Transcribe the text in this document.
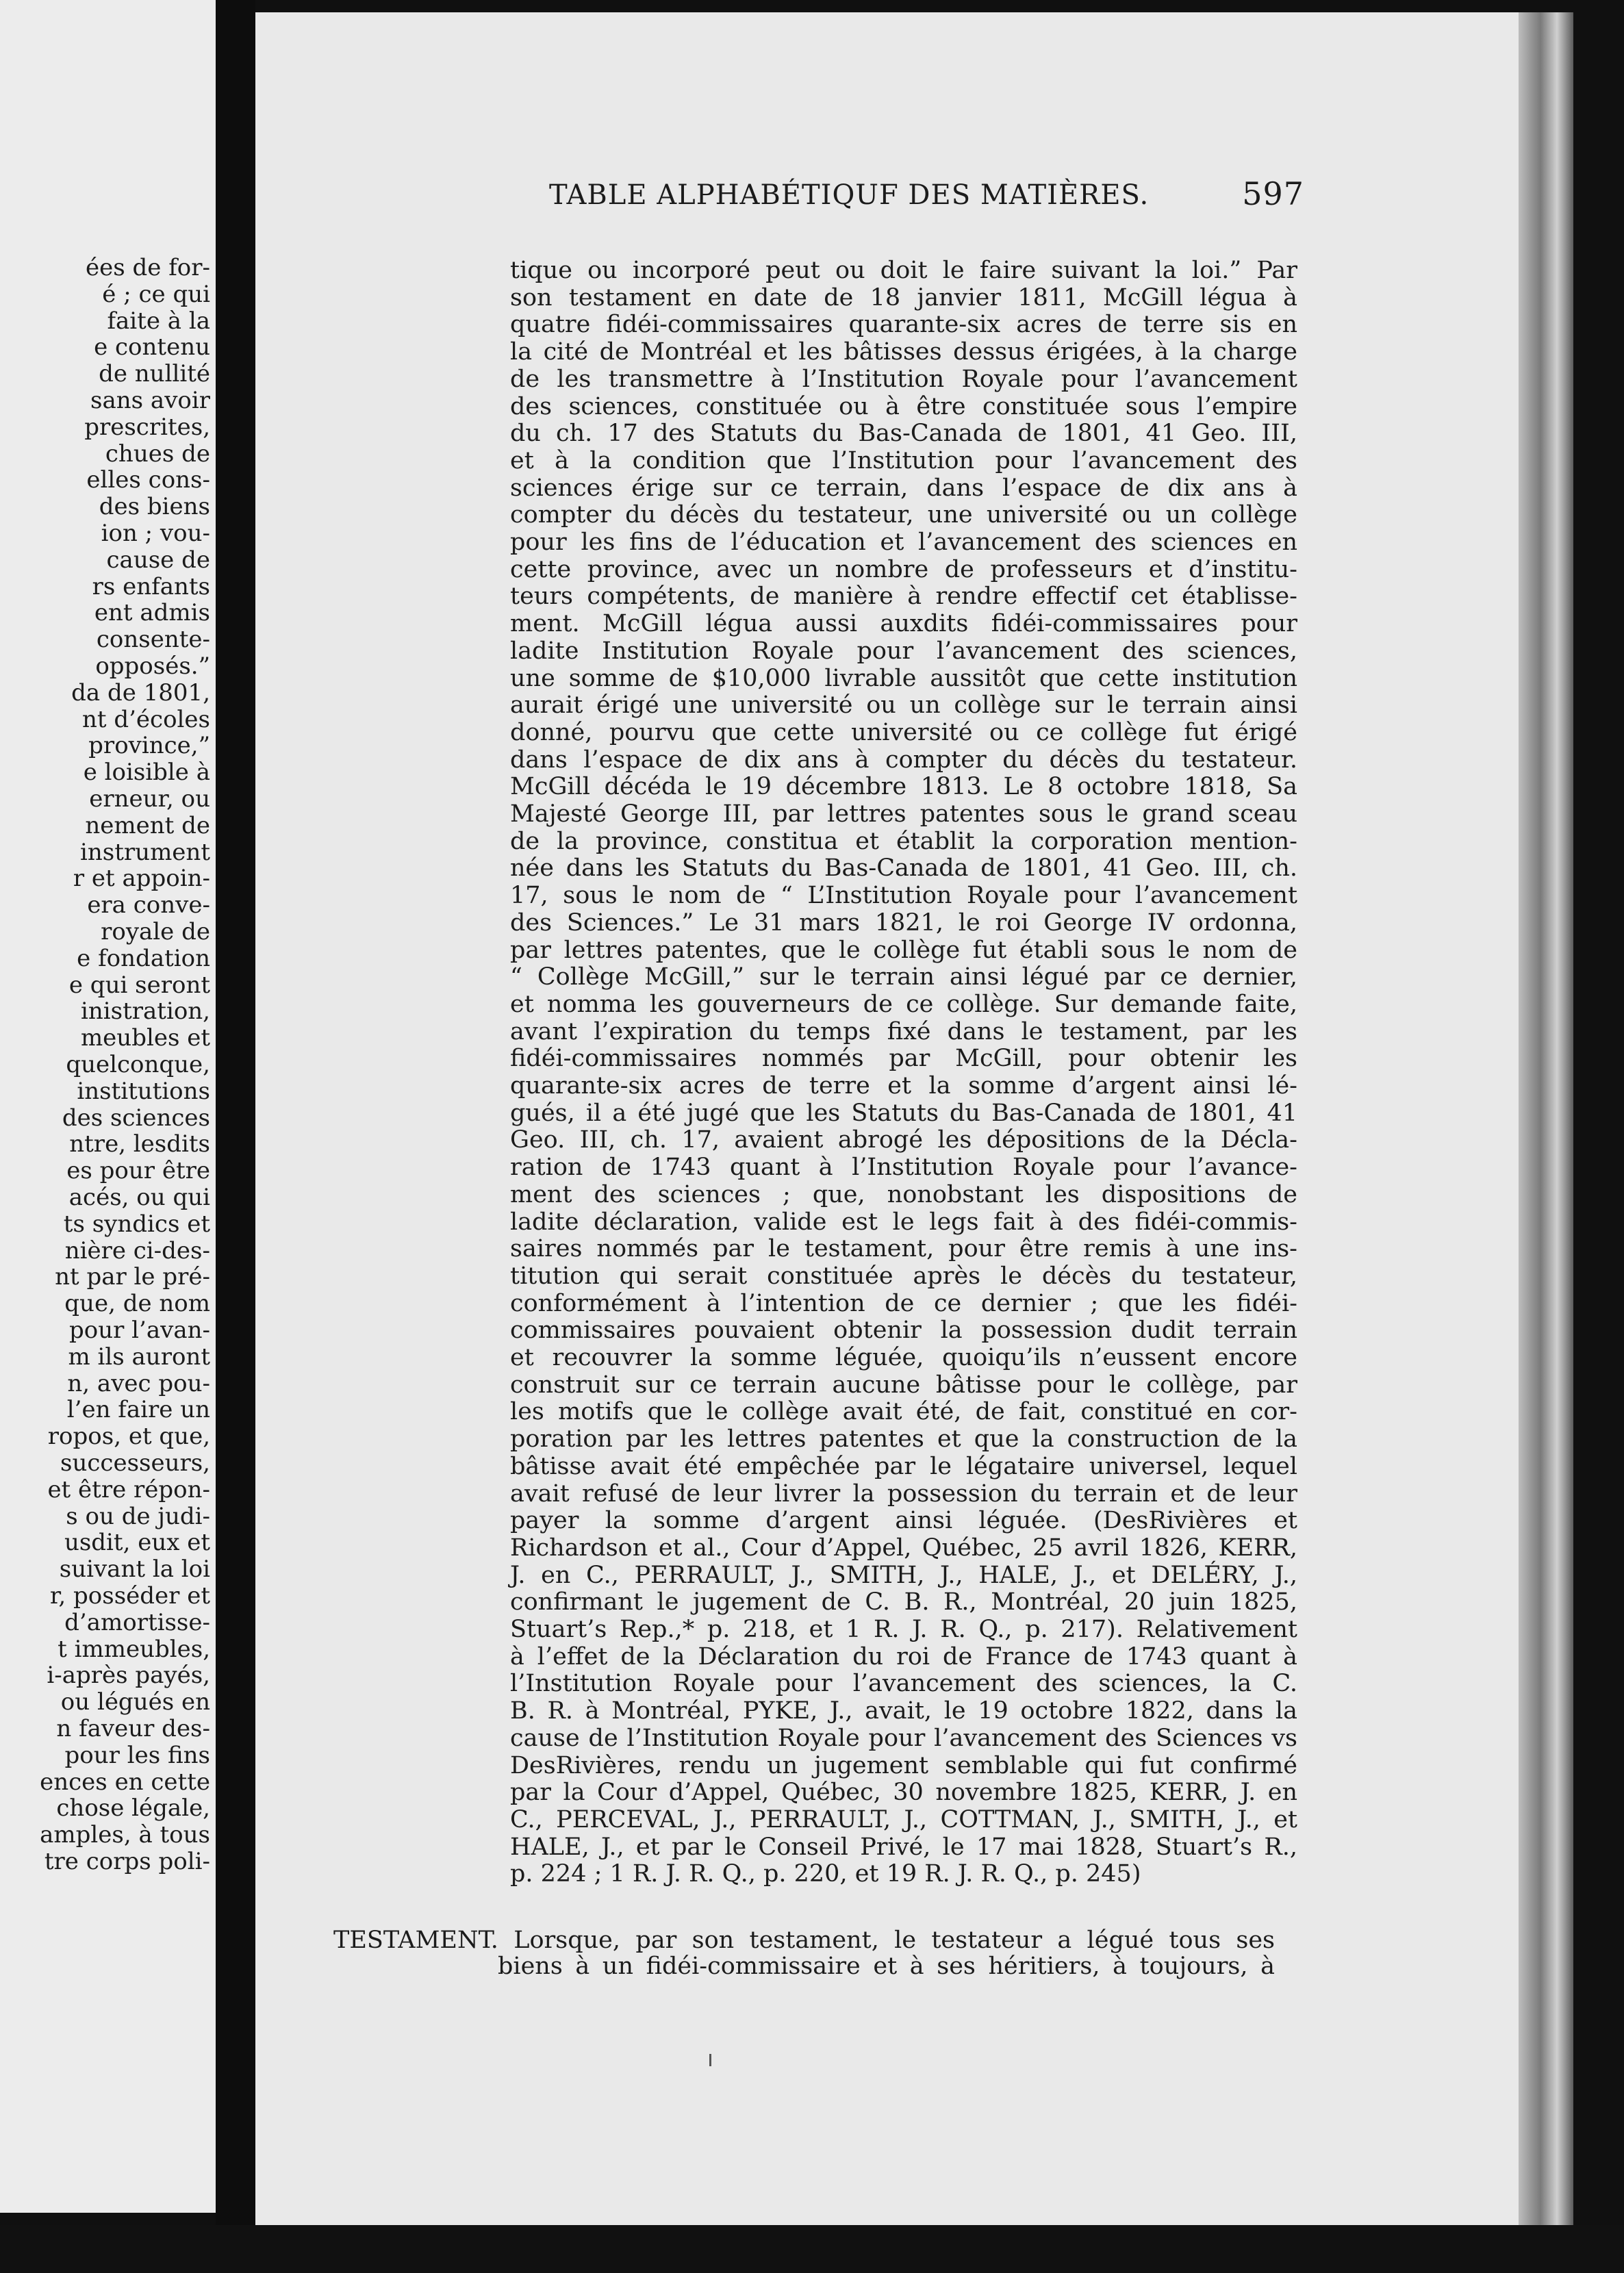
ées de for-
é ; ce qui
faite à la
e contenu
de nullité
sans avoir
prescrites,
chues de
elles cons-
des biens
ion ; vou-
cause de
rs enfants
ent admis
consente-
opposés.”
da de 1801,
nt d’écoles
province,”
e loisible à
erneur, ou
nement de
instrument
r et appoin-
era conve-
royale de
e fondation
e qui seront
inistration,
meubles et
quelconque,
institutions
des sciences
ntre, lesdits
es pour être
acés, ou qui
ts syndics et
nière ci-des-
nt par le pré-
que, de nom
pour l’avan-
m ils auront
n, avec pou-
l’en faire un
ropos, et que,
successeurs,
et être répon-
s ou de judi-
usdit, eux et
suivant la loi
r, posséder et
d’amortisse-
t immeubles,
i-après payés,
ou légués en
n faveur des-
pour les fins
ences en cette
chose légale,
amples, à tous
tre corps poli-
TABLE ALPHABÉTIQUF DES MATIÈRES.	597
tique ou incorporé peut ou doit le faire suivant la loi.” Par
son testament en date de 18 janvier 1811, McGill légua à
quatre fidéi-commissaires quarante-six acres de terre sis en
la cité de Montréal et les bâtisses dessus érigées, à la charge
de les transmettre à l’Institution Royale pour l’avancement
des sciences, constituée ou à être constituée sous l’empire
du ch. 17 des Statuts du Bas-Canada de 1801, 41 Geo. III,
et à la condition que l’Institution pour l’avancement des
sciences érige sur ce terrain, dans l’espace de dix ans à
compter du décès du testateur, une université ou un collège
pour les fins de l’éducation et l’avancement des sciences en
cette province, avec un nombre de professeurs et d’institu-
teurs compétents, de manière à rendre effectif cet établisse-
ment. McGill légua aussi auxdits fidéi-commissaires pour
ladite Institution Royale pour l’avancement des sciences,
une somme de $10,000 livrable aussitôt que cette institution
aurait érigé une université ou un collège sur le terrain ainsi
donné, pourvu que cette université ou ce collège fut érigé
dans l’espace de dix ans à compter du décès du testateur.
McGill décéda le 19 décembre 1813. Le 8 octobre 1818, Sa
Majesté George III, par lettres patentes sous le grand sceau
de la province, constitua et établit la corporation mention-
née dans les Statuts du Bas-Canada de 1801, 41 Geo. III, ch.
17, sous le nom de “ L’Institution Royale pour l’avancement
des Sciences.” Le 31 mars 1821, le roi George IV ordonna,
par lettres patentes, que le collège fut établi sous le nom de
“ Collège McGill,” sur le terrain ainsi légué par ce dernier,
et nomma les gouverneurs de ce collège. Sur demande faite,
avant l’expiration du temps fixé dans le testament, par les
fidéi-commissaires nommés par McGill, pour obtenir les
quarante-six acres de terre et la somme d’argent ainsi lé-
gués, il a été jugé que les Statuts du Bas-Canada de 1801, 41
Geo. III, ch. 17, avaient abrogé les dépositions de la Décla-
ration de 1743 quant à l’Institution Royale pour l’avance-
ment des sciences ; que, nonobstant les dispositions de
ladite déclaration, valide est le legs fait à des fidéi-commis-
saires nommés par le testament, pour être remis à une ins-
titution qui serait constituée après le décès du testateur,
conformément à l’intention de ce dernier ; que les fidéi-
commissaires pouvaient obtenir la possession dudit terrain
et recouvrer la somme léguée, quoiqu’ils n’eussent encore
construit sur ce terrain aucune bâtisse pour le collège, par
les motifs que le collège avait été, de fait, constitué en cor-
poration par les lettres patentes et que la construction de la
bâtisse avait été empêchée par le légataire universel, lequel
avait refusé de leur livrer la possession du terrain et de leur
payer la somme d’argent ainsi léguée. (DesRivières et
Richardson et al., Cour d’Appel, Québec, 25 avril 1826, KERR,
J. en C., PERRAULT, J., SMITH, J., HALE, J., et DELÉRY, J.,
confirmant le jugement de C. B. R., Montréal, 20 juin 1825,
Stuart’s Rep.,* p. 218, et 1 R. J. R. Q., p. 217). Relativement
à l’effet de la Déclaration du roi de France de 1743 quant à
l’Institution Royale pour l’avancement des sciences, la C.
B. R. à Montréal, PYKE, J., avait, le 19 octobre 1822, dans la
cause de l’Institution Royale pour l’avancement des Sciences vs
DesRivières, rendu un jugement semblable qui fut confirmé
par la Cour d’Appel, Québec, 30 novembre 1825, KERR, J. en
C., PERCEVAL, J., PERRAULT, J., COTTMAN, J., SMITH, J., et
HALE, J., et par le Conseil Privé, le 17 mai 1828, Stuart’s R.,
p. 224 ; 1 R. J. R. Q., p. 220, et 19 R. J. R. Q., p. 245)
TESTAMENT. Lorsque, par son testament, le testateur a légué tous ses
biens à un fidéi-commissaire et à ses héritiers, à toujours, à
